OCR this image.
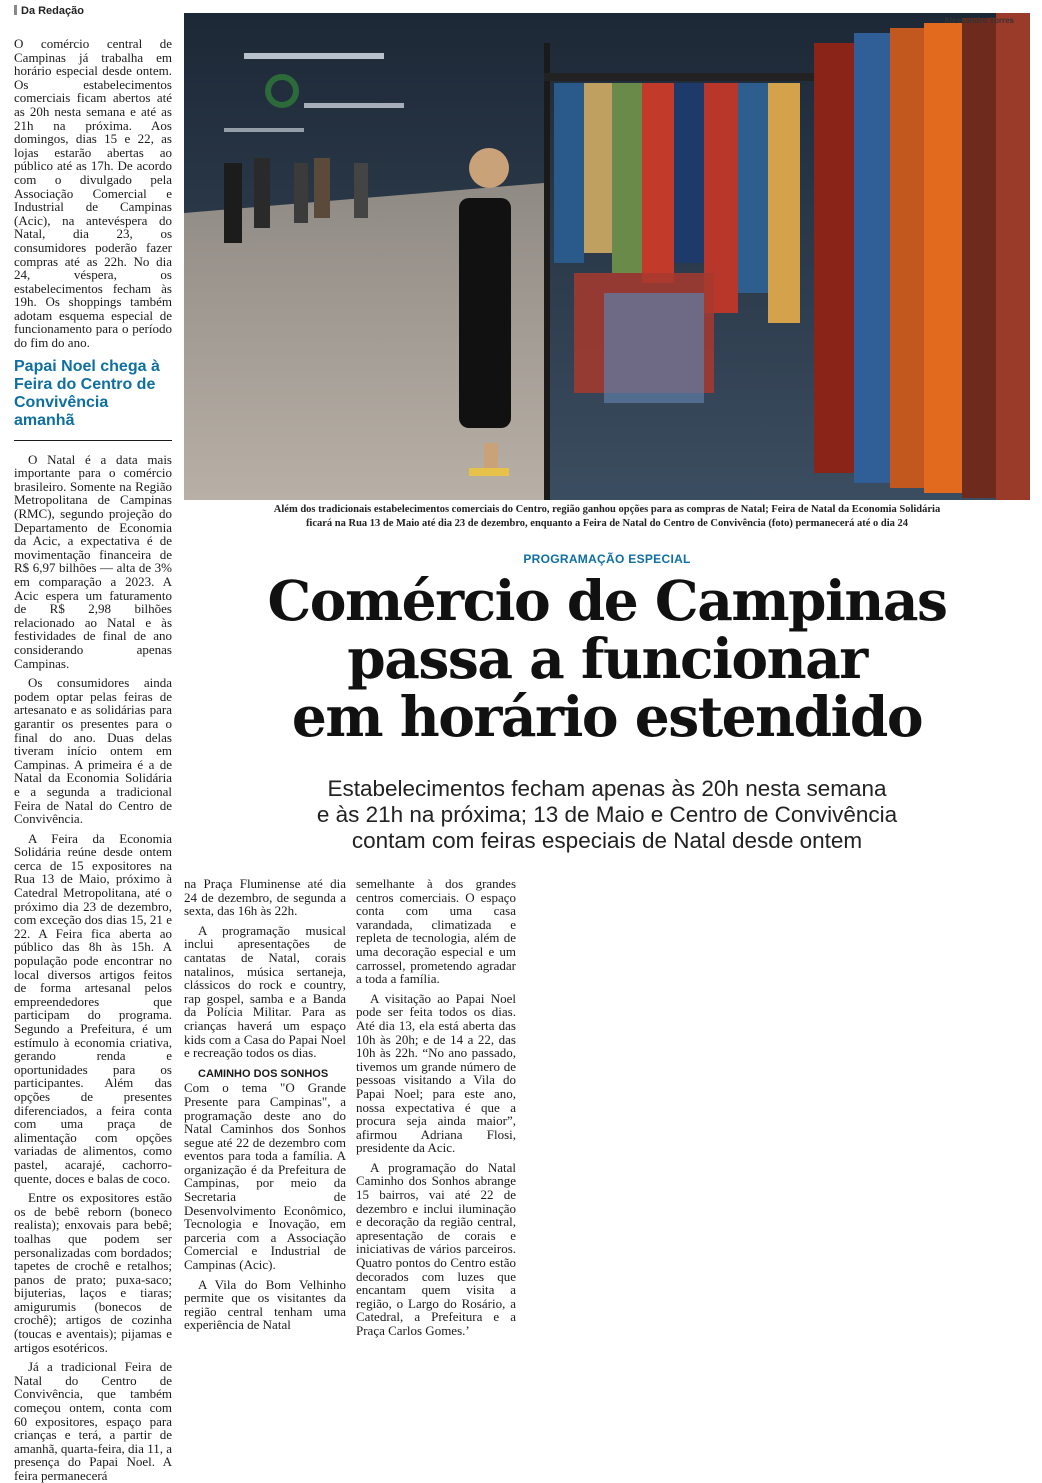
Da Redação

O comércio central de Campinas já trabalha em horário especial desde ontem. Os estabelecimentos comerciais ficam abertos até as 20h nesta semana e até as 21h na próxima. Aos domingos, dias 15 e 22, as lojas estarão abertas ao público até as 17h. De acordo com o divulgado pela Associação Comercial e Industrial de Campinas (Acic), na antevéspera do Natal, dia 23, os consumidores poderão fazer compras até as 22h. No dia 24, véspera, os estabelecimentos fecham às 19h. Os shoppings também adotam esquema especial de funcionamento para o período do fim do ano.

Papai Noel chega à Feira do Centro de Convivência amanhã

O Natal é a data mais importante para o comércio brasileiro. Somente na Região Metropolitana de Campinas (RMC), segundo projeção do Departamento de Economia da Acic, a expectativa é de movimentação financeira de R$ 6,97 bilhões — alta de 3% em comparação a 2023. A Acic espera um faturamento de R$ 2,98 bilhões relacionado ao Natal e às festividades de final de ano considerando apenas Campinas.

Os consumidores ainda podem optar pelas feiras de artesanato e as solidárias para garantir os presentes para o final do ano. Duas delas tiveram início ontem em Campinas. A primeira é a de Natal da Economia Solidária e a segunda a tradicional Feira de Natal do Centro de Convivência.

A Feira da Economia Solidária reúne desde ontem cerca de 15 expositores na Rua 13 de Maio, próximo à Catedral Metropolitana, até o próximo dia 23 de dezembro, com exceção dos dias 15, 21 e 22. A Feira fica aberta ao público das 8h às 15h. A população pode encontrar no local diversos artigos feitos de forma artesanal pelos empreendedores que participam do programa. Segundo a Prefeitura, é um estímulo à economia criativa, gerando renda e oportunidades para os participantes. Além das opções de presentes diferenciados, a feira conta com uma praça de alimentação com opções variadas de alimentos, como pastel, acarajé, cachorro-quente, doces e balas de coco.

Entre os expositores estão os de bebê reborn (boneco realista); enxovais para bebê; toalhas que podem ser personalizadas com bordados; tapetes de crochê e retalhos; panos de prato; puxa-saco; bijuterias, laços e tiaras; amigurumis (bonecos de crochê); artigos de cozinha (toucas e aventais); pijamas e artigos esotéricos.

Já a tradicional Feira de Natal do Centro de Convivência, que também começou ontem, conta com 60 expositores, espaço para crianças e terá, a partir de amanhã, quarta-feira, dia 11, a presença do Papai Noel. A feira permanecerá

Alessandro Torres
Além dos tradicionais estabelecimentos comerciais do Centro, região ganhou opções para as compras de Natal; Feira de Natal da Economia Solidária
ficará na Rua 13 de Maio até dia 23 de dezembro, enquanto a Feira de Natal do Centro de Convivência (foto) permanecerá até o dia 24
PROGRAMAÇÃO ESPECIAL
Comércio de Campinas
passa a funcionar
em horário estendido
Estabelecimentos fecham apenas às 20h nesta semana
e às 21h na próxima; 13 de Maio e Centro de Convivência
contam com feiras especiais de Natal desde ontem

na Praça Fluminense até dia 24 de dezembro, de segunda a sexta, das 16h às 22h.

A programação musical inclui apresentações de cantatas de Natal, corais natalinos, música sertaneja, clássicos do rock e country, rap gospel, samba e a Banda da Polícia Militar. Para as crianças haverá um espaço kids com a Casa do Papai Noel e recreação todos os dias.

CAMINHO DOS SONHOS

Com o tema "O Grande Presente para Campinas", a programação deste ano do Natal Caminhos dos Sonhos segue até 22 de dezembro com eventos para toda a família. A organização é da Prefeitura de Campinas, por meio da Secretaria de Desenvolvimento Econômico, Tecnologia e Inovação, em parceria com a Associação Comercial e Industrial de Campinas (Acic).

A Vila do Bom Velhinho permite que os visitantes da região central tenham uma experiência de Natal

semelhante à dos grandes centros comerciais. O espaço conta com uma casa varandada, climatizada e repleta de tecnologia, além de uma decoração especial e um carrossel, prometendo agradar a toda a família.

A visitação ao Papai Noel pode ser feita todos os dias. Até dia 13, ela está aberta das 10h às 20h; e de 14 a 22, das 10h às 22h. “No ano passado, tivemos um grande número de pessoas visitando a Vila do Papai Noel; para este ano, nossa expectativa é que a procura seja ainda maior”, afirmou Adriana Flosi, presidente da Acic.

A programação do Natal Caminho dos Sonhos abrange 15 bairros, vai até 22 de dezembro e inclui iluminação e decoração da região central, apresentação de corais e iniciativas de vários parceiros. Quatro pontos do Centro estão decorados com luzes que encantam quem visita a região, o Largo do Rosário, a Catedral, a Prefeitura e a Praça Carlos Gomes.’
